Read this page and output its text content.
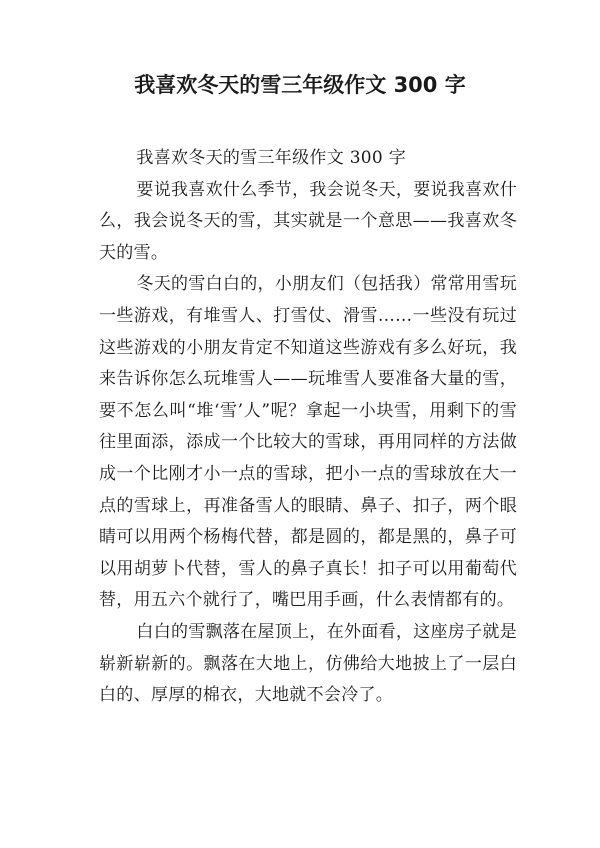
我喜欢冬天的雪三年级作文 300 字

我喜欢冬天的雪三年级作文 300 字

要说我喜欢什么季节，我会说冬天，要说我喜欢什么，我会说冬天的雪，其实就是一个意思——我喜欢冬天的雪。

冬天的雪白白的，小朋友们（包括我）常常用雪玩一些游戏，有堆雪人、打雪仗、滑雪……一些没有玩过这些游戏的小朋友肯定不知道这些游戏有多么好玩，我来告诉你怎么玩堆雪人——玩堆雪人要准备大量的雪，要不怎么叫“堆‘雪’人”呢？拿起一小块雪，用剩下的雪往里面添，添成一个比较大的雪球，再用同样的方法做成一个比刚才小一点的雪球，把小一点的雪球放在大一点的雪球上，再准备雪人的眼睛、鼻子、扣子，两个眼睛可以用两个杨梅代替，都是圆的，都是黑的，鼻子可以用胡萝卜代替，雪人的鼻子真长！扣子可以用葡萄代替，用五六个就行了，嘴巴用手画，什么表情都有的。

白白的雪飘落在屋顶上，在外面看，这座房子就是崭新崭新的。飘落在大地上，仿佛给大地披上了一层白白的、厚厚的棉衣，大地就不会冷了。
